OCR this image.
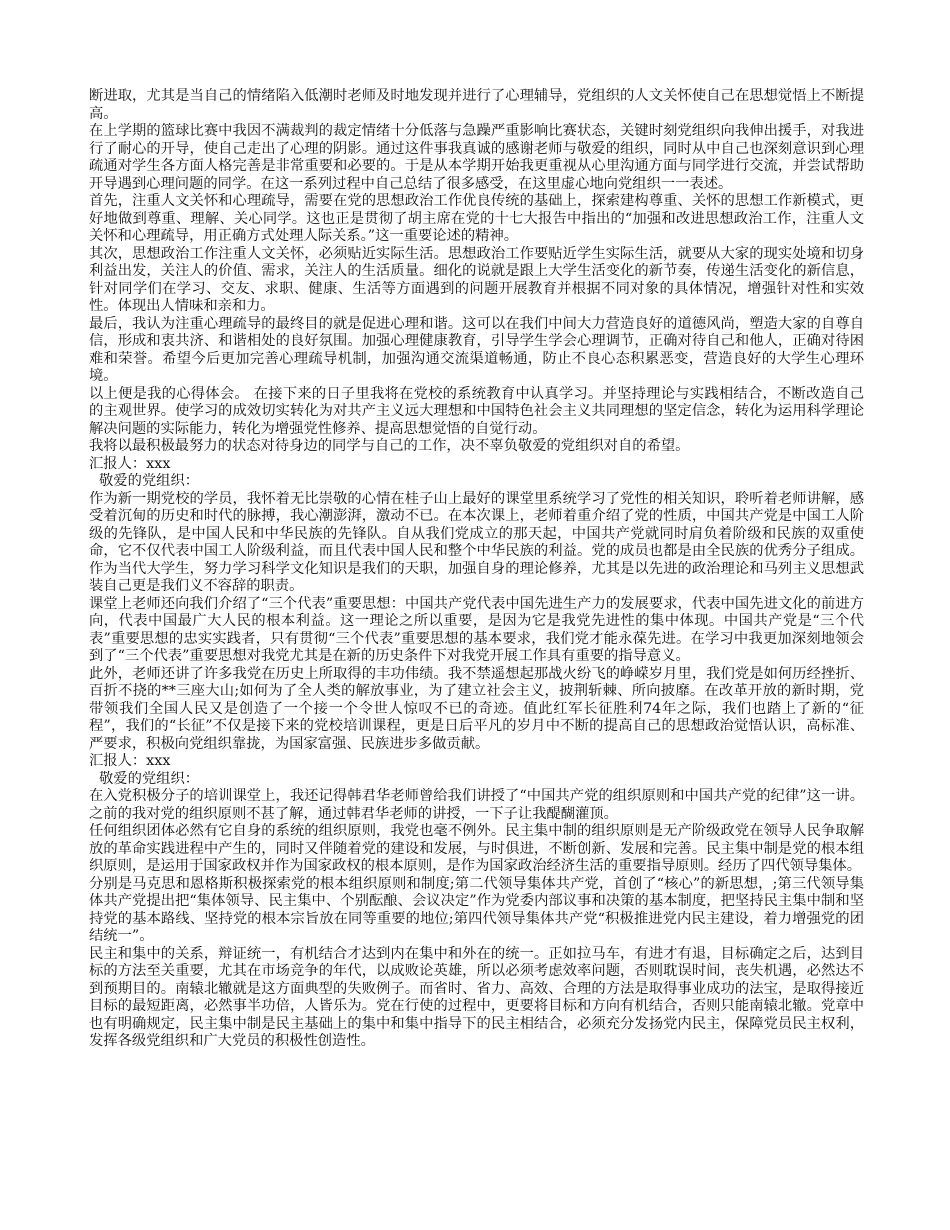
断进取，尤其是当自己的情绪陷入低潮时老师及时地发现并进行了心理辅导，党组织的人文关怀使自己在思想觉悟上不断提高。

在上学期的篮球比赛中我因不满裁判的裁定情绪十分低落与急躁严重影响比赛状态，关键时刻党组织向我伸出援手，对我进行了耐心的开导，使自己走出了心理的阴影。通过这件事我真诚的感谢老师与敬爱的组织，同时从中自己也深刻意识到心理疏通对学生各方面人格完善是非常重要和必要的。于是从本学期开始我更重视从心里沟通方面与同学进行交流，并尝试帮助开导遇到心理问题的同学。在这一系列过程中自己总结了很多感受，在这里虚心地向党组织一一表述。

首先，注重人文关怀和心理疏导，需要在党的思想政治工作优良传统的基础上，探索建构尊重、关怀的思想工作新模式，更好地做到尊重、理解、关心同学。这也正是贯彻了胡主席在党的十七大报告中指出的“加强和改进思想政治工作，注重人文关怀和心理疏导，用正确方式处理人际关系。”这一重要论述的精神。

其次，思想政治工作注重人文关怀，必须贴近实际生活。思想政治工作要贴近学生实际生活，就要从大家的现实处境和切身利益出发，关注人的价值、需求，关注人的生活质量。细化的说就是跟上大学生活变化的新节奏，传递生活变化的新信息，针对同学们在学习、交友、求职、健康、生活等方面遇到的问题开展教育并根据不同对象的具体情况，增强针对性和实效性。体现出人情味和亲和力。

最后，我认为注重心理疏导的最终目的就是促进心理和谐。这可以在我们中间大力营造良好的道德风尚，塑造大家的自尊自信，形成和衷共济、和谐相处的良好氛围。加强心理健康教育，引导学生学会心理调节，正确对待自己和他人，正确对待困难和荣誉。希望今后更加完善心理疏导机制，加强沟通交流渠道畅通，防止不良心态积累恶变，营造良好的大学生心理环境。

以上便是我的心得体会。 在接下来的日子里我将在党校的系统教育中认真学习。并坚持理论与实践相结合，不断改造自己的主观世界。使学习的成效切实转化为对共产主义远大理想和中国特色社会主义共同理想的坚定信念，转化为运用科学理论解决问题的实际能力，转化为增强党性修养、提高思想觉悟的自觉行动。

我将以最积极最努力的状态对待身边的同学与自己的工作，决不辜负敬爱的党组织对自的希望。

汇报人：xxx

敬爱的党组织：

作为新一期党校的学员，我怀着无比崇敬的心情在桂子山上最好的课堂里系统学习了党性的相关知识，聆听着老师讲解，感受着沉甸的历史和时代的脉搏，我心潮澎湃，激动不已。在本次课上，老师着重介绍了党的性质，中国共产党是中国工人阶级的先锋队，是中国人民和中华民族的先锋队。自从我们党成立的那天起，中国共产党就同时肩负着阶级和民族的双重使命，它不仅代表中国工人阶级利益，而且代表中国人民和整个中华民族的利益。党的成员也都是由全民族的优秀分子组成。作为当代大学生，努力学习科学文化知识是我们的天职，加强自身的理论修养，尤其是以先进的政治理论和马列主义思想武装自己更是我们义不容辞的职责。

课堂上老师还向我们介绍了“三个代表”重要思想：中国共产党代表中国先进生产力的发展要求，代表中国先进文化的前进方向，代表中国最广大人民的根本利益。这一理论之所以重要，是因为它是我党先进性的集中体现。中国共产党是“三个代表”重要思想的忠实实践者，只有贯彻“三个代表”重要思想的基本要求，我们党才能永葆先进。在学习中我更加深刻地领会到了“三个代表”重要思想对我党尤其是在新的历史条件下对我党开展工作具有重要的指导意义。

此外，老师还讲了许多我党在历史上所取得的丰功伟绩。我不禁遥想起那战火纷飞的峥嵘岁月里，我们党是如何历经挫折、百折不挠的**三座大山;如何为了全人类的解放事业，为了建立社会主义，披荆斩棘、所向披靡。在改革开放的新时期，党带领我们全国人民又是创造了一个接一个令世人惊叹不已的奇迹。值此红军长征胜利74年之际，我们也踏上了新的“征程”，我们的“长征”不仅是接下来的党校培训课程，更是日后平凡的岁月中不断的提高自己的思想政治觉悟认识，高标准、严要求，积极向党组织靠拢，为国家富强、民族进步多做贡献。

汇报人：xxx

敬爱的党组织：

在入党积极分子的培训课堂上，我还记得韩君华老师曾给我们讲授了“中国共产党的组织原则和中国共产党的纪律”这一讲。之前的我对党的组织原则不甚了解，通过韩君华老师的讲授，一下子让我醍醐灌顶。

任何组织团体必然有它自身的系统的组织原则，我党也毫不例外。民主集中制的组织原则是无产阶级政党在领导人民争取解放的革命实践进程中产生的，同时又伴随着党的建设和发展，与时俱进，不断创新、发展和完善。民主集中制是党的根本组织原则，是运用于国家政权并作为国家政权的根本原则，是作为国家政治经济生活的重要指导原则。经历了四代领导集体。

分别是马克思和恩格斯积极探索党的根本组织原则和制度;第二代领导集体共产党，首创了“核心”的新思想，;第三代领导集体共产党提出把“集体领导、民主集中、个别酝酿、会议决定”作为党委内部议事和决策的基本制度，把坚持民主集中制和坚持党的基本路线、坚持党的根本宗旨放在同等重要的地位;第四代领导集体共产党“积极推进党内民主建设，着力增强党的团结统一”。

民主和集中的关系，辩证统一，有机结合才达到内在集中和外在的统一。正如拉马车，有进才有退，目标确定之后，达到目标的方法至关重要，尤其在市场竞争的年代，以成败论英雄，所以必须考虑效率问题，否则耽误时间，丧失机遇，必然达不到预期目的。南辕北辙就是这方面典型的失败例子。而省时、省力、高效、合理的方法是取得事业成功的法宝，是取得接近目标的最短距离，必然事半功倍，人皆乐为。党在行使的过程中，更要将目标和方向有机结合，否则只能南辕北辙。党章中也有明确规定，民主集中制是民主基础上的集中和集中指导下的民主相结合，必须充分发扬党内民主，保障党员民主权利，发挥各级党组织和广大党员的积极性创造性。
